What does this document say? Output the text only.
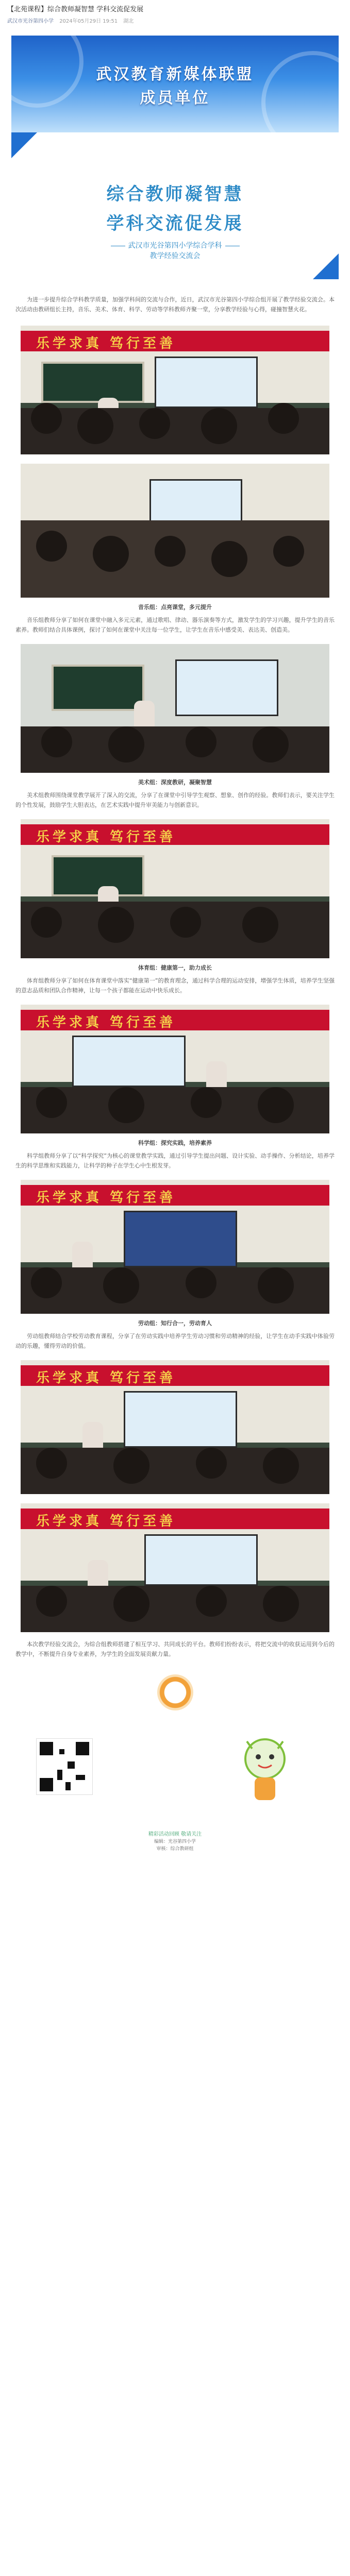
【北苑课程】综合教师凝智慧 学科交流促发展
武汉市光谷第四小学 2024年05月29日 19:51 湖北
武汉教育新媒体联盟
成员单位
综合教师凝智慧
学科交流促发展
武汉市光谷第四小学综合学科
教学经验交流会

为进一步提升综合学科教学质量，加强学科间的交流与合作，近日，武汉市光谷第四小学综合组开展了教学经验交流会。本次活动由教研组长主持，音乐、美术、体育、科学、劳动等学科教师齐聚一堂，分享教学经验与心得，碰撞智慧火花。

乐学求真 笃行至善
音乐组：点亮课堂，多元提升

音乐组教师分享了如何在课堂中融入多元元素，通过歌唱、律动、器乐演奏等方式，激发学生的学习兴趣，提升学生的音乐素养。教师们结合具体课例，探讨了如何在课堂中关注每一位学生，让学生在音乐中感受美、表达美、创造美。

美术组：深度教研，凝聚智慧

美术组教师围绕课堂教学展开了深入的交流，分享了在课堂中引导学生观察、想象、创作的经验。教师们表示，要关注学生的个性发展，鼓励学生大胆表达，在艺术实践中提升审美能力与创新意识。

乐学求真 笃行至善
体育组：健康第一，助力成长

体育组教师分享了如何在体育课堂中落实“健康第一”的教育理念，通过科学合理的运动安排，增强学生体质，培养学生坚强的意志品质和团队合作精神，让每一个孩子都能在运动中快乐成长。

乐学求真 笃行至善
科学组：探究实践，培养素养

科学组教师分享了以“科学探究”为核心的课堂教学实践，通过引导学生提出问题、设计实验、动手操作、分析结论，培养学生的科学思维和实践能力，让科学的种子在学生心中生根发芽。

乐学求真 笃行至善
劳动组：知行合一，劳动育人

劳动组教师结合学校劳动教育课程，分享了在劳动实践中培养学生劳动习惯和劳动精神的经验，让学生在动手实践中体验劳动的乐趣，懂得劳动的价值。

乐学求真 笃行至善
乐学求真 笃行至善

本次教学经验交流会，为综合组教师搭建了相互学习、共同成长的平台。教师们纷纷表示，将把交流中的收获运用到今后的教学中，不断提升自身专业素养，为学生的全面发展贡献力量。

精彩活动回顾 敬请关注
编辑：光谷第四小学
审核：综合教研组
